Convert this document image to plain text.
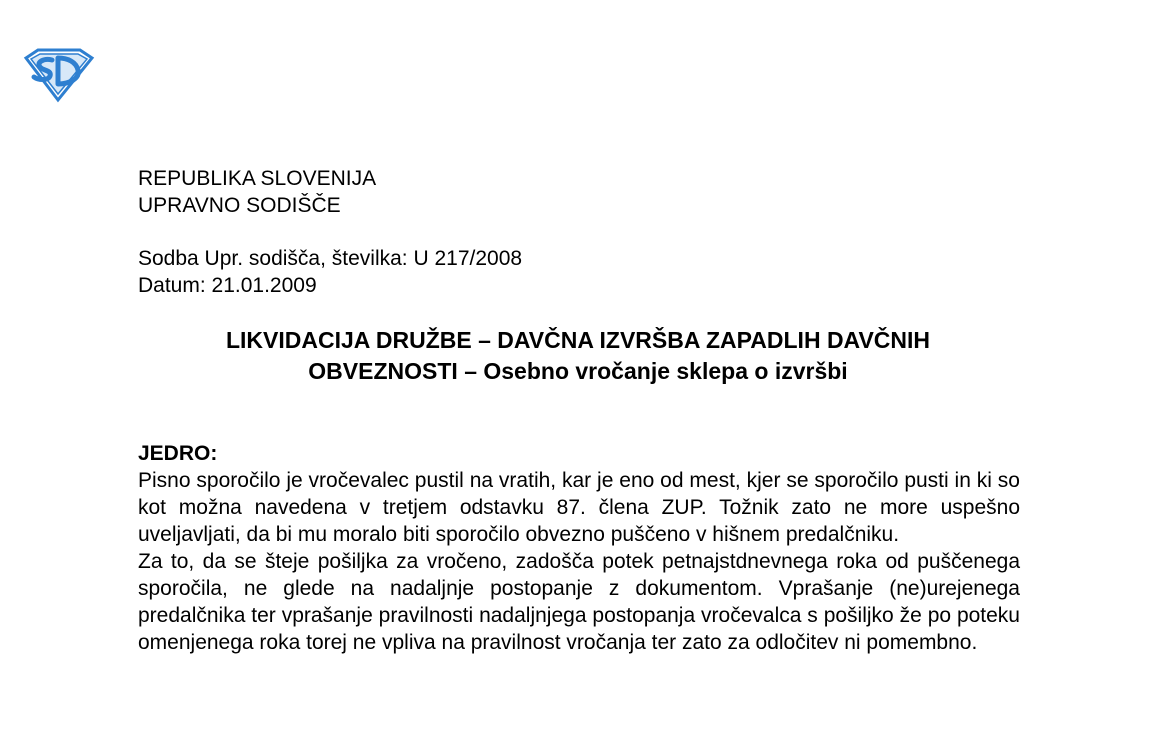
REPUBLIKA SLOVENIJA
UPRAVNO SODIŠČE
Sodba Upr. sodišča, številka: U 217/2008
Datum: 21.01.2009
LIKVIDACIJA DRUŽBE – DAVČNA IZVRŠBA ZAPADLIH DAVČNIH
OBVEZNOSTI – Osebno vročanje sklepa o izvršbi
JEDRO:

Pisno sporočilo je vročevalec pustil na vratih, kar je eno od mest, kjer se sporočilo pusti in ki so kot možna navedena v tretjem odstavku 87. člena ZUP. Tožnik zato ne more uspešno uveljavljati, da bi mu moralo biti sporočilo obvezno puščeno v hišnem predalčniku.

Za to, da se šteje pošiljka za vročeno, zadošča potek petnajstdnevnega roka od puščenega sporočila, ne glede na nadaljnje postopanje z dokumentom. Vprašanje (ne)urejenega predalčnika ter vprašanje pravilnosti nadaljnjega postopanja vročevalca s pošiljko že po poteku omenjenega roka torej ne vpliva na pravilnost vročanja ter zato za odločitev ni pomembno.
